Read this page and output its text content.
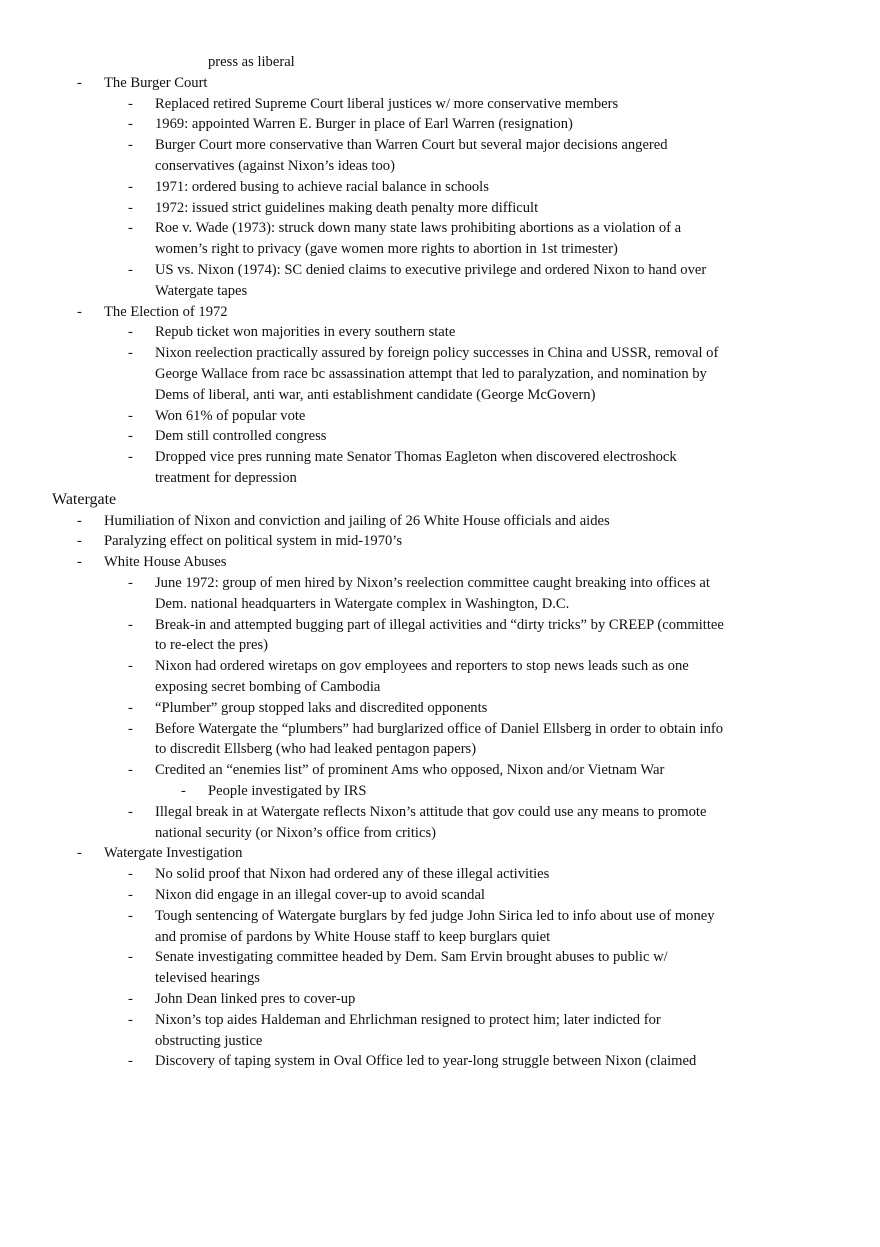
press as liberal
- The Burger Court
- Replaced retired Supreme Court liberal justices w/ more conservative members
- 1969: appointed Warren E. Burger in place of Earl Warren (resignation)
- Burger Court more conservative than Warren Court but several major decisions angered
conservatives (against Nixon’s ideas too)
- 1971: ordered busing to achieve racial balance in schools
- 1972: issued strict guidelines making death penalty more difficult
- Roe v. Wade (1973): struck down many state laws prohibiting abortions as a violation of a
women’s right to privacy (gave women more rights to abortion in 1st trimester)
- US vs. Nixon (1974): SC denied claims to executive privilege and ordered Nixon to hand over
Watergate tapes
- The Election of 1972
- Repub ticket won majorities in every southern state
- Nixon reelection practically assured by foreign policy successes in China and USSR, removal of
George Wallace from race bc assassination attempt that led to paralyzation, and nomination by
Dems of liberal, anti war, anti establishment candidate (George McGovern)
- Won 61% of popular vote
- Dem still controlled congress
- Dropped vice pres running mate Senator Thomas Eagleton when discovered electroshock
treatment for depression
Watergate
- Humiliation of Nixon and conviction and jailing of 26 White House officials and aides
- Paralyzing effect on political system in mid-1970’s
- White House Abuses
- June 1972: group of men hired by Nixon’s reelection committee caught breaking into offices at
Dem. national headquarters in Watergate complex in Washington, D.C.
- Break-in and attempted bugging part of illegal activities and “dirty tricks” by CREEP (committee
to re-elect the pres)
- Nixon had ordered wiretaps on gov employees and reporters to stop news leads such as one
exposing secret bombing of Cambodia
- “Plumber” group stopped laks and discredited opponents
- Before Watergate the “plumbers” had burglarized office of Daniel Ellsberg in order to obtain info
to discredit Ellsberg (who had leaked pentagon papers)
- Credited an “enemies list” of prominent Ams who opposed, Nixon and/or Vietnam War
- People investigated by IRS
- Illegal break in at Watergate reflects Nixon’s attitude that gov could use any means to promote
national security (or Nixon’s office from critics)
- Watergate Investigation
- No solid proof that Nixon had ordered any of these illegal activities
- Nixon did engage in an illegal cover-up to avoid scandal
- Tough sentencing of Watergate burglars by fed judge John Sirica led to info about use of money
and promise of pardons by White House staff to keep burglars quiet
- Senate investigating committee headed by Dem. Sam Ervin brought abuses to public w/
televised hearings
- John Dean linked pres to cover-up
- Nixon’s top aides Haldeman and Ehrlichman resigned to protect him; later indicted for
obstructing justice
- Discovery of taping system in Oval Office led to year-long struggle between Nixon (claimed
